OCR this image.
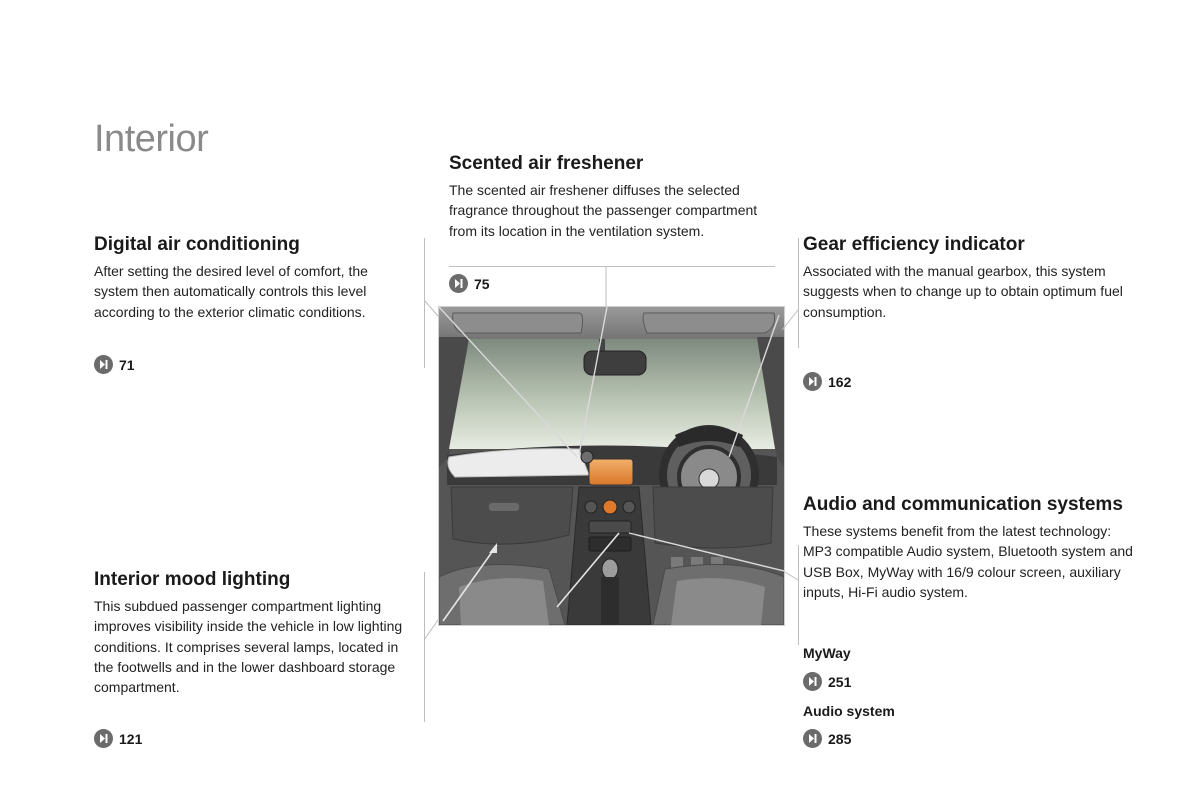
Interior
Scented air freshener

The scented air freshener diffuses the selected fragrance throughout the passenger compartment from its location in the ventilation system.

75
Digital air conditioning

After setting the desired level of comfort, the system then automatically controls this level according to the exterior climatic conditions.

71
Gear efficiency indicator

Associated with the manual gearbox, this system suggests when to change up to obtain optimum fuel consumption.

162
Audio and communication systems

These systems benefit from the latest technology: MP3 compatible Audio system, Bluetooth system and USB Box, MyWay with 16/9 colour screen, auxiliary inputs, Hi-Fi audio system.

MyWay
251
Audio system
285
Interior mood lighting

This subdued passenger compartment lighting improves visibility inside the vehicle in low lighting conditions. It comprises several lamps, located in the footwells and in the lower dashboard storage compartment.

121
